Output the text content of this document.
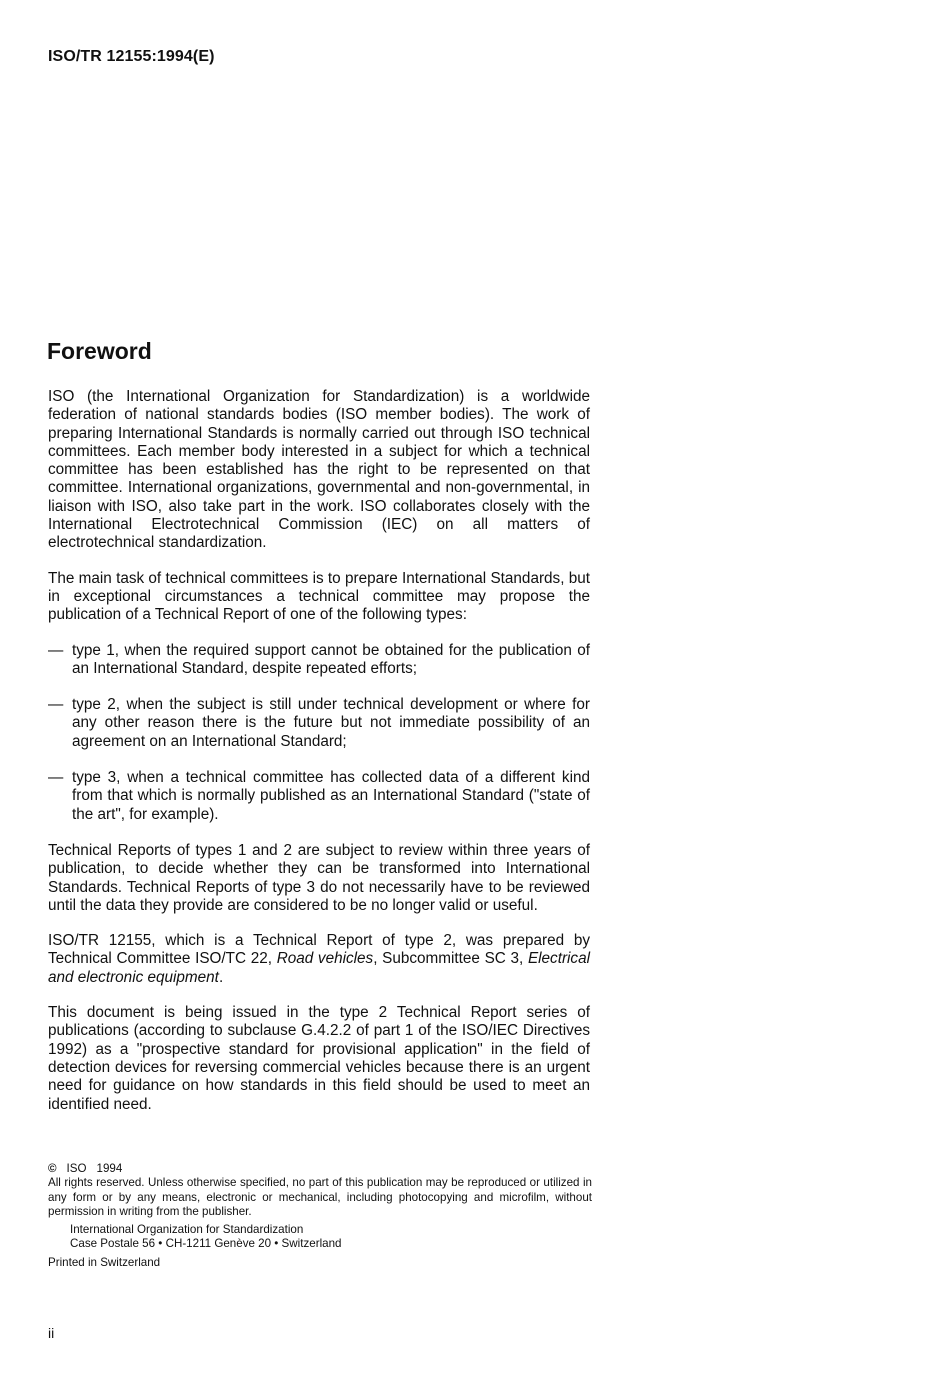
ISO/TR 12155:1994(E)
Foreword

ISO (the International Organization for Standardization) is a worldwide federation of national standards bodies (ISO member bodies). The work of preparing International Standards is normally carried out through ISO technical committees. Each member body interested in a subject for which a technical committee has been established has the right to be represented on that committee. International organizations, governmental and non-governmental, in liaison with ISO, also take part in the work. ISO collaborates closely with the International Electrotechnical Commission (IEC) on all matters of electrotechnical standardization.

The main task of technical committees is to prepare International Standards, but in exceptional circumstances a technical committee may propose the publication of a Technical Report of one of the following types:

— type 1, when the required support cannot be obtained for the publication of an International Standard, despite repeated efforts;
— type 2, when the subject is still under technical development or where for any other reason there is the future but not immediate possibility of an agreement on an International Standard;
— type 3, when a technical committee has collected data of a different kind from that which is normally published as an International Standard ("state of the art", for example).

Technical Reports of types 1 and 2 are subject to review within three years of publication, to decide whether they can be transformed into International Standards. Technical Reports of type 3 do not necessarily have to be reviewed until the data they provide are considered to be no longer valid or useful.

ISO/TR 12155, which is a Technical Report of type 2, was prepared by Technical Committee ISO/TC 22, Road vehicles, Subcommittee SC 3, Electrical and electronic equipment.

This document is being issued in the type 2 Technical Report series of publications (according to subclause G.4.2.2 of part 1 of the ISO/IEC Directives 1992) as a "prospective standard for provisional application" in the field of detection devices for reversing commercial vehicles because there is an urgent need for guidance on how standards in this field should be used to meet an identified need.

© ISO 1994

All rights reserved. Unless otherwise specified, no part of this publication may be reproduced or utilized in any form or by any means, electronic or mechanical, including photocopying and microfilm, without permission in writing from the publisher.

International Organization for Standardization
Case Postale 56 • CH-1211 Genève 20 • Switzerland
Printed in Switzerland
ii
